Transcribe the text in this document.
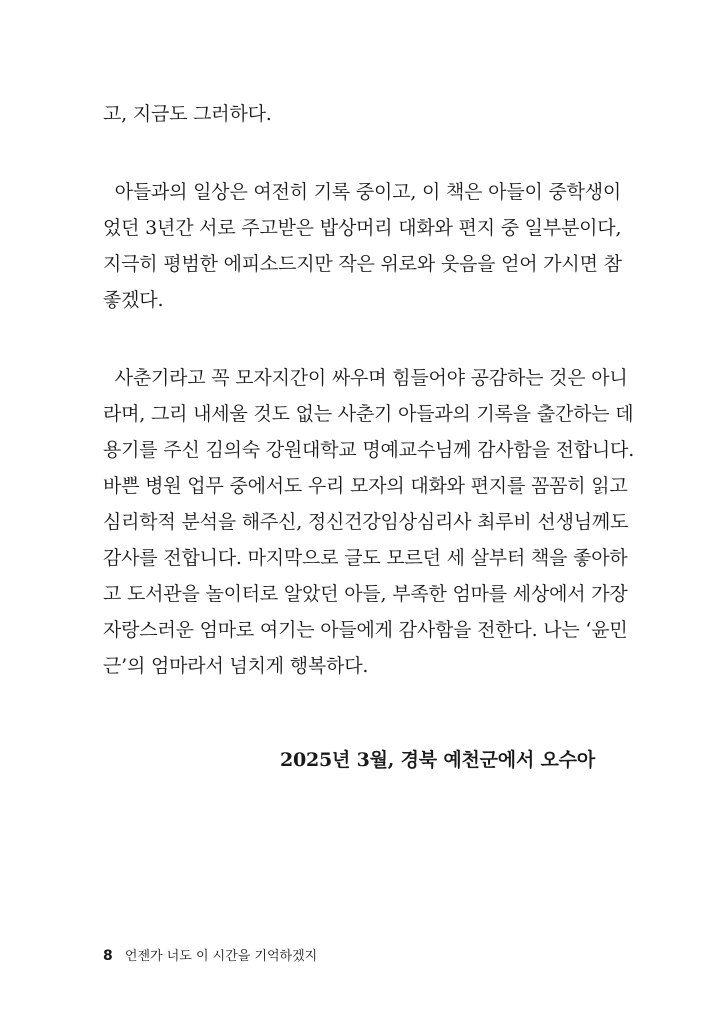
고, 지금도 그러하다.
아들과의 일상은 여전히 기록 중이고, 이 책은 아들이 중학생이
었던 3년간 서로 주고받은 밥상머리 대화와 편지 중 일부분이다,
지극히 평범한 에피소드지만 작은 위로와 웃음을 얻어 가시면 참
좋겠다.
사춘기라고 꼭 모자지간이 싸우며 힘들어야 공감하는 것은 아니
라며, 그리 내세울 것도 없는 사춘기 아들과의 기록을 출간하는 데
용기를 주신 김의숙 강원대학교 명예교수님께 감사함을 전합니다.
바쁜 병원 업무 중에서도 우리 모자의 대화와 편지를 꼼꼼히 읽고
심리학적 분석을 해주신, 정신건강임상심리사 최루비 선생님께도
감사를 전합니다. 마지막으로 글도 모르던 세 살부터 책을 좋아하
고 도서관을 놀이터로 알았던 아들, 부족한 엄마를 세상에서 가장
자랑스러운 엄마로 여기는 아들에게 감사함을 전한다. 나는 ‘윤민
근’의 엄마라서 넘치게 행복하다.
2025년 3월, 경북 예천군에서 오수아
8 언젠가 너도 이 시간을 기억하겠지
